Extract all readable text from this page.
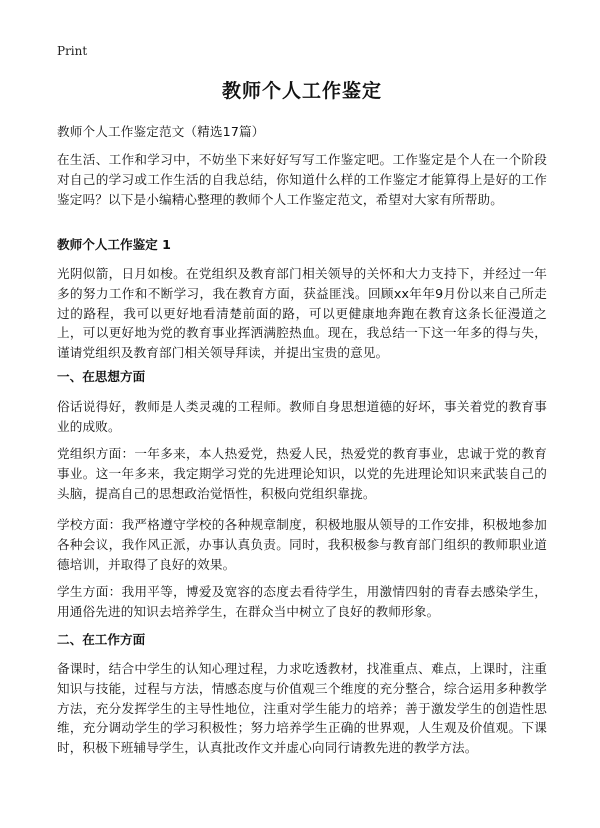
Print
教师个人工作鉴定

教师个人工作鉴定范文（精选17篇）

在生活、工作和学习中，不妨坐下来好好写写工作鉴定吧。工作鉴定是个人在一个阶段对自己的学习或工作生活的自我总结，你知道什么样的工作鉴定才能算得上是好的工作鉴定吗？以下是小编精心整理的教师个人工作鉴定范文，希望对大家有所帮助。

教师个人工作鉴定 1

光阴似箭，日月如梭。在党组织及教育部门相关领导的关怀和大力支持下，并经过一年多的努力工作和不断学习，我在教育方面，获益匪浅。回顾xx年年9月份以来自己所走过的路程，我可以更好地看清楚前面的路，可以更健康地奔跑在教育这条长征漫道之上，可以更好地为党的教育事业挥洒满腔热血。现在，我总结一下这一年多的得与失，谨请党组织及教育部门相关领导拜读，并提出宝贵的意见。

一、在思想方面

俗话说得好，教师是人类灵魂的工程师。教师自身思想道德的好坏，事关着党的教育事业的成败。

党组织方面：一年多来，本人热爱党，热爱人民，热爱党的教育事业，忠诚于党的教育事业。这一年多来，我定期学习党的先进理论知识，以党的先进理论知识来武装自己的头脑，提高自己的思想政治觉悟性，积极向党组织靠拢。

学校方面：我严格遵守学校的各种规章制度，积极地服从领导的工作安排，积极地参加各种会议，我作风正派，办事认真负责。同时，我积极参与教育部门组织的教师职业道德培训，并取得了良好的效果。

学生方面：我用平等，博爱及宽容的态度去看待学生，用激情四射的青春去感染学生，用通俗先进的知识去培养学生，在群众当中树立了良好的教师形象。

二、在工作方面

备课时，结合中学生的认知心理过程，力求吃透教材，找准重点、难点，上课时，注重知识与技能，过程与方法，情感态度与价值观三个维度的充分整合，综合运用多种教学方法，充分发挥学生的主导性地位，注重对学生能力的培养；善于激发学生的创造性思维，充分调动学生的学习积极性；努力培养学生正确的世界观，人生观及价值观。下课时，积极下班辅导学生，认真批改作文并虚心向同行请教先进的教学方法。
